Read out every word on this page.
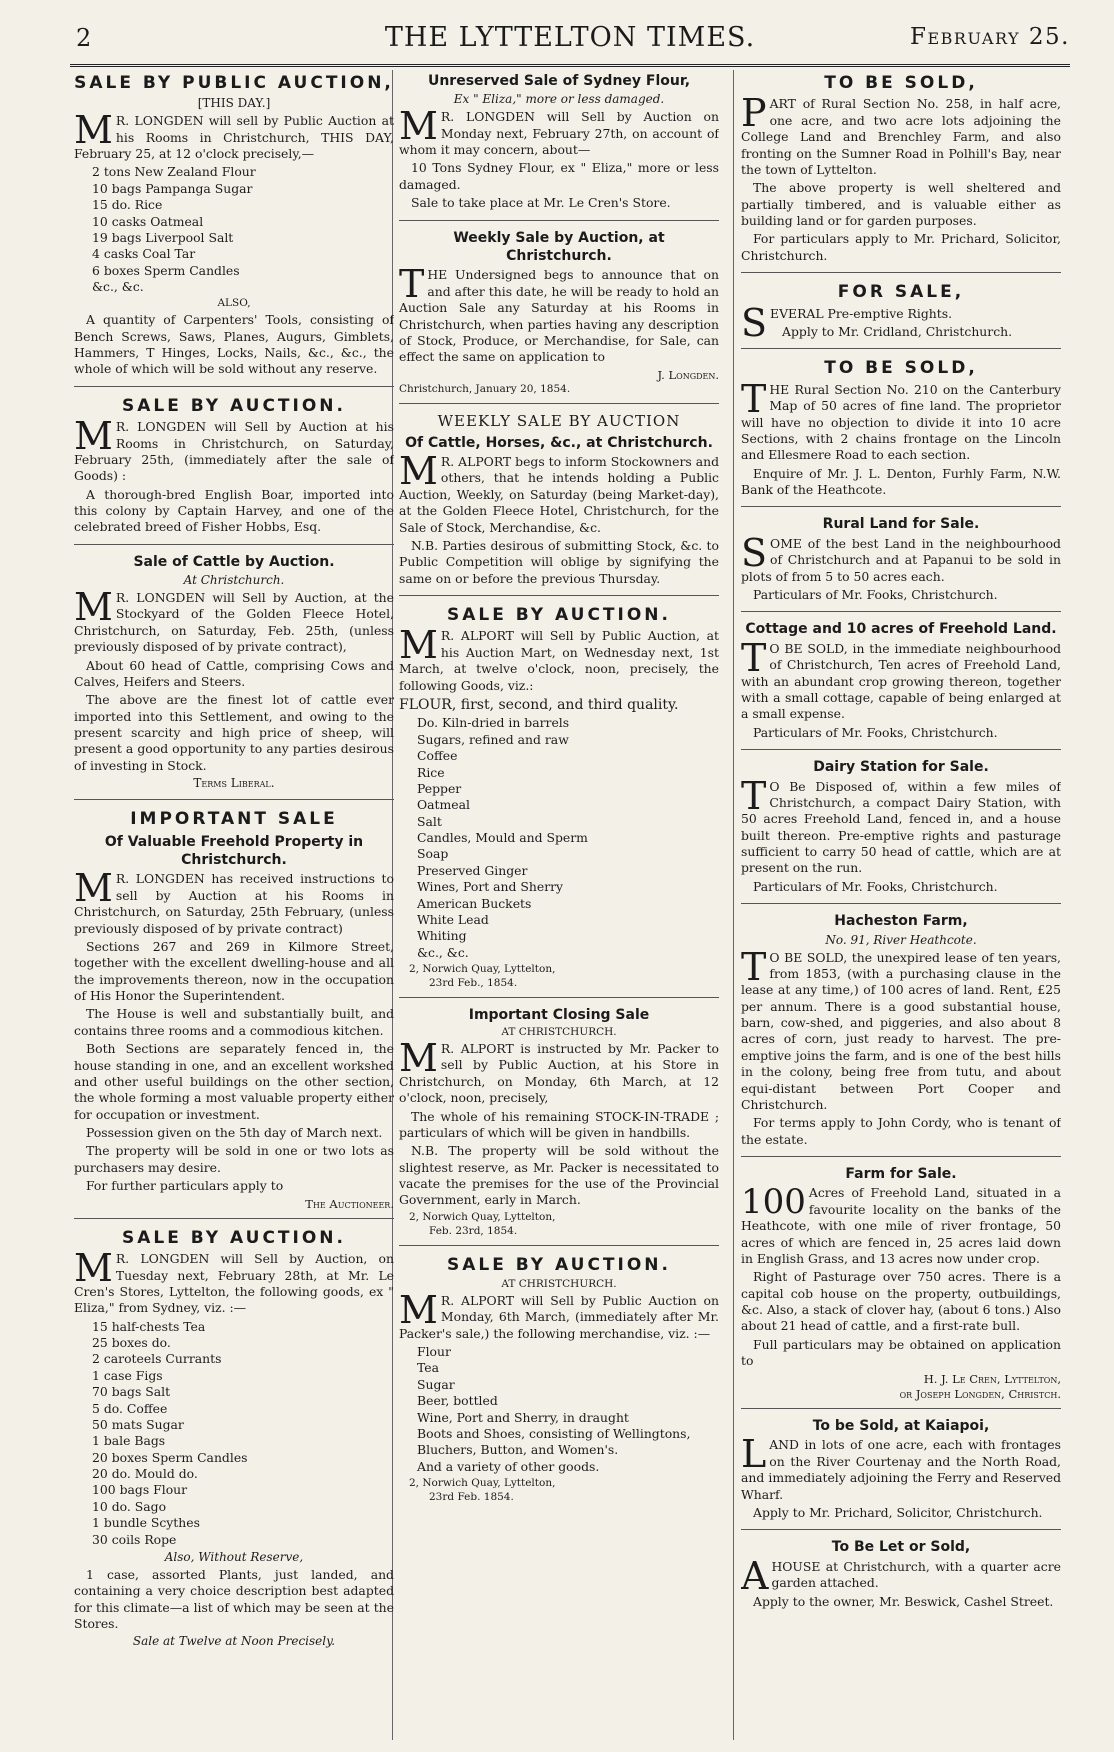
2	THE LYTTELTON TIMES.	February 25.
SALE BY PUBLIC AUCTION,
[THIS DAY.]

M R. LONGDEN will sell by Public Auction at his Rooms in Christchurch, THIS DAY, February 25, at 12 o'clock precisely,—

2 tons New Zealand Flour
10 bags Pampanga Sugar
15 do. Rice
10 casks Oatmeal
19 bags Liverpool Salt
4 casks Coal Tar
6 boxes Sperm Candles
&c., &c.
ALSO,

A quantity of Carpenters' Tools, consisting of Bench Screws, Saws, Planes, Augurs, Gimblets, Hammers, T Hinges, Locks, Nails, &c., &c., the whole of which will be sold without any reserve.

SALE BY AUCTION.

M R. LONGDEN will Sell by Auction at his Rooms in Christchurch, on Saturday, February 25th, (immediately after the sale of Goods) :

A thorough-bred English Boar, imported into this colony by Captain Harvey, and one of the celebrated breed of Fisher Hobbs, Esq.

Sale of Cattle by Auction.
At Christchurch.

M R. LONGDEN will Sell by Auction, at the Stockyard of the Golden Fleece Hotel, Christchurch, on Saturday, Feb. 25th, (unless previously disposed of by private contract),

About 60 head of Cattle, comprising Cows and Calves, Heifers and Steers.

The above are the finest lot of cattle ever imported into this Settlement, and owing to the present scarcity and high price of sheep, will present a good opportunity to any parties desirous of investing in Stock.

Terms Liberal.
IMPORTANT SALE
Of Valuable Freehold Property in Christchurch.

M R. LONGDEN has received instructions to sell by Auction at his Rooms in Christchurch, on Saturday, 25th February, (unless previously disposed of by private contract)

Sections 267 and 269 in Kilmore Street, together with the excellent dwelling-house and all the improvements thereon, now in the occupation of His Honor the Superintendent.

The House is well and substantially built, and contains three rooms and a commodious kitchen.

Both Sections are separately fenced in, the house standing in one, and an excellent workshed and other useful buildings on the other section, the whole forming a most valuable property either for occupation or investment.

Possession given on the 5th day of March next.

The property will be sold in one or two lots as purchasers may desire.

For further particulars apply to

The Auctioneer.
SALE BY AUCTION.

M R. LONGDEN will Sell by Auction, on Tuesday next, February 28th, at Mr. Le Cren's Stores, Lyttelton, the following goods, ex " Eliza," from Sydney, viz. :—

15 half-chests Tea
25 boxes do.
2 caroteels Currants
1 case Figs
70 bags Salt
5 do. Coffee
50 mats Sugar
1 bale Bags
20 boxes Sperm Candles
20 do. Mould do.
100 bags Flour
10 do. Sago
1 bundle Scythes
30 coils Rope
Also, Without Reserve,

1 case, assorted Plants, just landed, and containing a very choice description best adapted for this climate—a list of which may be seen at the Stores.

Sale at Twelve at Noon Precisely.
Unreserved Sale of Sydney Flour,
Ex " Eliza," more or less damaged.

M R. LONGDEN will Sell by Auction on Monday next, February 27th, on account of whom it may concern, about—

10 Tons Sydney Flour, ex " Eliza," more or less damaged.

Sale to take place at Mr. Le Cren's Store.

Weekly Sale by Auction, at Christchurch.

THE Undersigned begs to announce that on and after this date, he will be ready to hold an Auction Sale any Saturday at his Rooms in Christchurch, when parties having any description of Stock, Produce, or Merchandise, for Sale, can effect the same on application to

J. Longden.
Christchurch, January 20, 1854.
WEEKLY SALE BY AUCTION
Of Cattle, Horses, &c., at Christchurch.

M R. ALPORT begs to inform Stockowners and others, that he intends holding a Public Auction, Weekly, on Saturday (being Market-day), at the Golden Fleece Hotel, Christchurch, for the Sale of Stock, Merchandise, &c.

N.B. Parties desirous of submitting Stock, &c. to Public Competition will oblige by signifying the same on or before the previous Thursday.

SALE BY AUCTION.

M R. ALPORT will Sell by Public Auction, at his Auction Mart, on Wednesday next, 1st March, at twelve o'clock, noon, precisely, the following Goods, viz.:

FLOUR, first, second, and third quality.
Do. Kiln-dried in barrels
Sugars, refined and raw
Coffee
Rice
Pepper
Oatmeal
Salt
Candles, Mould and Sperm
Soap
Preserved Ginger
Wines, Port and Sherry
American Buckets
White Lead
Whiting
&c., &c.
2, Norwich Quay, Lyttelton,
23rd Feb., 1854.
Important Closing Sale
AT CHRISTCHURCH.

M R. ALPORT is instructed by Mr. Packer to sell by Public Auction, at his Store in Christchurch, on Monday, 6th March, at 12 o'clock, noon, precisely,

The whole of his remaining STOCK-IN-TRADE ; particulars of which will be given in handbills.

N.B. The property will be sold without the slightest reserve, as Mr. Packer is necessitated to vacate the premises for the use of the Provincial Government, early in March.

2, Norwich Quay, Lyttelton,
Feb. 23rd, 1854.
SALE BY AUCTION.
AT CHRISTCHURCH.

M R. ALPORT will Sell by Public Auction on Monday, 6th March, (immediately after Mr. Packer's sale,) the following merchandise, viz. :—

Flour
Tea
Sugar
Beer, bottled
Wine, Port and Sherry, in draught
Boots and Shoes, consisting of Wellingtons, Bluchers, Button, and Women's.
And a variety of other goods.
2, Norwich Quay, Lyttelton,
23rd Feb. 1854.
TO BE SOLD,

PART of Rural Section No. 258, in half acre, one acre, and two acre lots adjoining the College Land and Brenchley Farm, and also fronting on the Sumner Road in Polhill's Bay, near the town of Lyttelton.

The above property is well sheltered and partially timbered, and is valuable either as building land or for garden purposes.

For particulars apply to Mr. Prichard, Solicitor, Christchurch.

FOR SALE,

SEVERAL Pre-emptive Rights.

Apply to Mr. Cridland, Christchurch.

TO BE SOLD,

THE Rural Section No. 210 on the Canterbury Map of 50 acres of fine land. The proprietor will have no objection to divide it into 10 acre Sections, with 2 chains frontage on the Lincoln and Ellesmere Road to each section.

Enquire of Mr. J. L. Denton, Furhly Farm, N.W. Bank of the Heathcote.

Rural Land for Sale.

SOME of the best Land in the neighbourhood of Christchurch and at Papanui to be sold in plots of from 5 to 50 acres each.

Particulars of Mr. Fooks, Christchurch.

Cottage and 10 acres of Freehold Land.

T O BE SOLD, in the immediate neighbourhood of Christchurch, Ten acres of Freehold Land, with an abundant crop growing thereon, together with a small cottage, capable of being enlarged at a small expense.

Particulars of Mr. Fooks, Christchurch.

Dairy Station for Sale.

T O Be Disposed of, within a few miles of Christchurch, a compact Dairy Station, with 50 acres Freehold Land, fenced in, and a house built thereon. Pre-emptive rights and pasturage sufficient to carry 50 head of cattle, which are at present on the run.

Particulars of Mr. Fooks, Christchurch.

Hacheston Farm,
No. 91, River Heathcote.

T O BE SOLD, the unexpired lease of ten years, from 1853, (with a purchasing clause in the lease at any time,) of 100 acres of land. Rent, £25 per annum. There is a good substantial house, barn, cow-shed, and piggeries, and also about 8 acres of corn, just ready to harvest. The pre-emptive joins the farm, and is one of the best hills in the colony, being free from tutu, and about equi-distant between Port Cooper and Christchurch.

For terms apply to John Cordy, who is tenant of the estate.

Farm for Sale.

100 Acres of Freehold Land, situated in a favourite locality on the banks of the Heathcote, with one mile of river frontage, 50 acres of which are fenced in, 25 acres laid down in English Grass, and 13 acres now under crop.

Right of Pasturage over 750 acres. There is a capital cob house on the property, outbuildings, &c. Also, a stack of clover hay, (about 6 tons.) Also about 21 head of cattle, and a first-rate bull.

Full particulars may be obtained on application to

H. J. Le Cren, Lyttelton,
or Joseph Longden, Christch.
To be Sold, at Kaiapoi,

LAND in lots of one acre, each with frontages on the River Courtenay and the North Road, and immediately adjoining the Ferry and Reserved Wharf.

Apply to Mr. Prichard, Solicitor, Christchurch.

To Be Let or Sold,

AHOUSE at Christchurch, with a quarter acre garden attached.

Apply to the owner, Mr. Beswick, Cashel Street.
